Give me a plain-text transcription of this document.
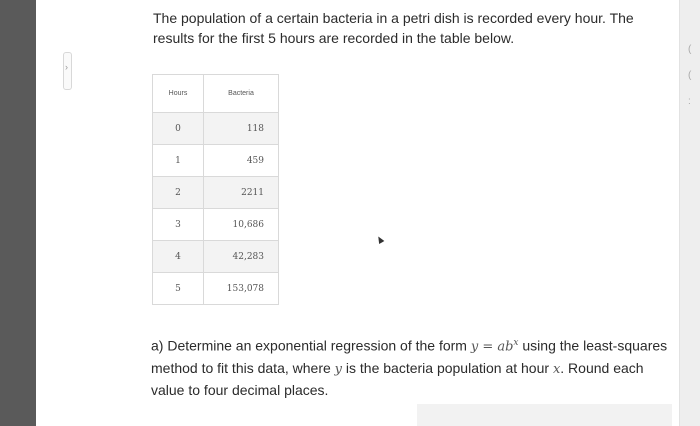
›
(
(
:
The population of a certain bacteria in a petri dish is recorded every hour. The results for the first 5 hours are recorded in the table below.
Hours	Bacteria
0	118
1	459
2	2211
3	10,686
4	42,283
5	153,078
a) Determine an exponential regression of the form $y = ab^x$ using the least-squares method to fit this data, where y is the bacteria population at hour x. Round each value to four decimal places.
